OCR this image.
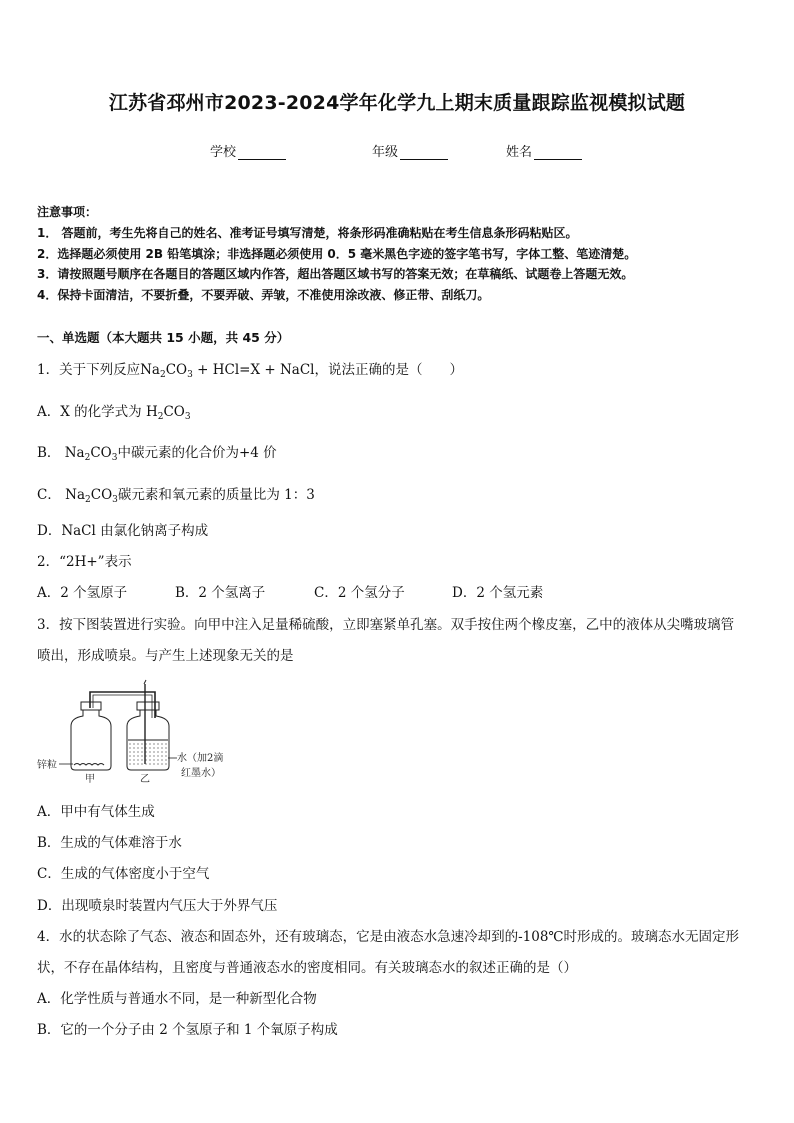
江苏省邳州市2023-2024学年化学九上期末质量跟踪监视模拟试题
学校	年级	姓名
注意事项：
1． 答题前，考生先将自己的姓名、准考证号填写清楚，将条形码准确粘贴在考生信息条形码粘贴区。
2．选择题必须使用 2B 铅笔填涂；非选择题必须使用 0．5 毫米黑色字迹的签字笔书写，字体工整、笔迹清楚。
3．请按照题号顺序在各题目的答题区域内作答，超出答题区域书写的答案无效；在草稿纸、试题卷上答题无效。
4．保持卡面清洁，不要折叠，不要弄破、弄皱，不准使用涂改液、修正带、刮纸刀。
一、单选题（本大题共 15 小题，共 45 分）
1．关于下列反应$Na_2CO_3 + HCl=X$ + NaCl，说法正确的是（　　）
A．X 的化学式为 $H_2CO_3$
B． $Na_2CO_3$中碳元素的化合价为+4 价
C． $Na_2CO_3$碳元素和氧元素的质量比为 1：3
D．NaCl 由氯化钠离子构成
2．“2H+”表示
A．2 个氢原子	B．2 个氢离子	C．2 个氢分子	D．2 个氢元素
3．按下图装置进行实验。向甲中注入足量稀硫酸，立即塞紧单孔塞。双手按住两个橡皮塞，乙中的液体从尖嘴玻璃管
喷出，形成喷泉。与产生上述现象无关的是
锌粒
甲	乙
水（加2滴
红墨水）
A．甲中有气体生成
B．生成的气体难溶于水
C．生成的气体密度小于空气
D．出现喷泉时装置内气压大于外界气压
4．水的状态除了气态、液态和固态外，还有玻璃态，它是由液态水急速冷却到的-108℃时形成的。玻璃态水无固定形
状，不存在晶体结构，且密度与普通液态水的密度相同。有关玻璃态水的叙述正确的是（）
A．化学性质与普通水不同，是一种新型化合物
B．它的一个分子由 2 个氢原子和 1 个氧原子构成
